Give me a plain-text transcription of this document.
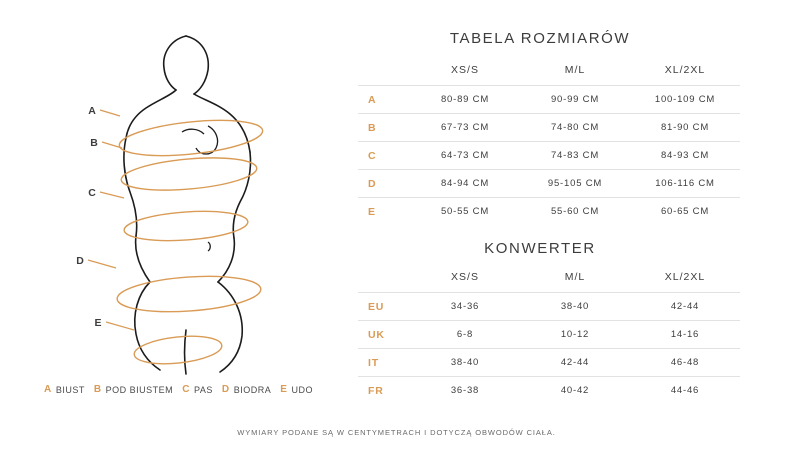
A
B
C
D
E
A BIUST B POD BIUSTEM C PAS D BIODRA E UDO
TABELA ROZMIARÓW
	XS/S	M/L	XL/2XL
A	80-89 CM	90-99 CM	100-109 CM
B	67-73 CM	74-80 CM	81-90 CM
C	64-73 CM	74-83 CM	84-93 CM
D	84-94 CM	95-105 CM	106-116 CM
E	50-55 CM	55-60 CM	60-65 CM
KONWERTER
	XS/S	M/L	XL/2XL
EU	34-36	38-40	42-44
UK	6-8	10-12	14-16
IT	38-40	42-44	46-48
FR	36-38	40-42	44-46
WYMIARY PODANE SĄ W CENTYMETRACH I DOTYCZĄ OBWODÓW CIAŁA.
